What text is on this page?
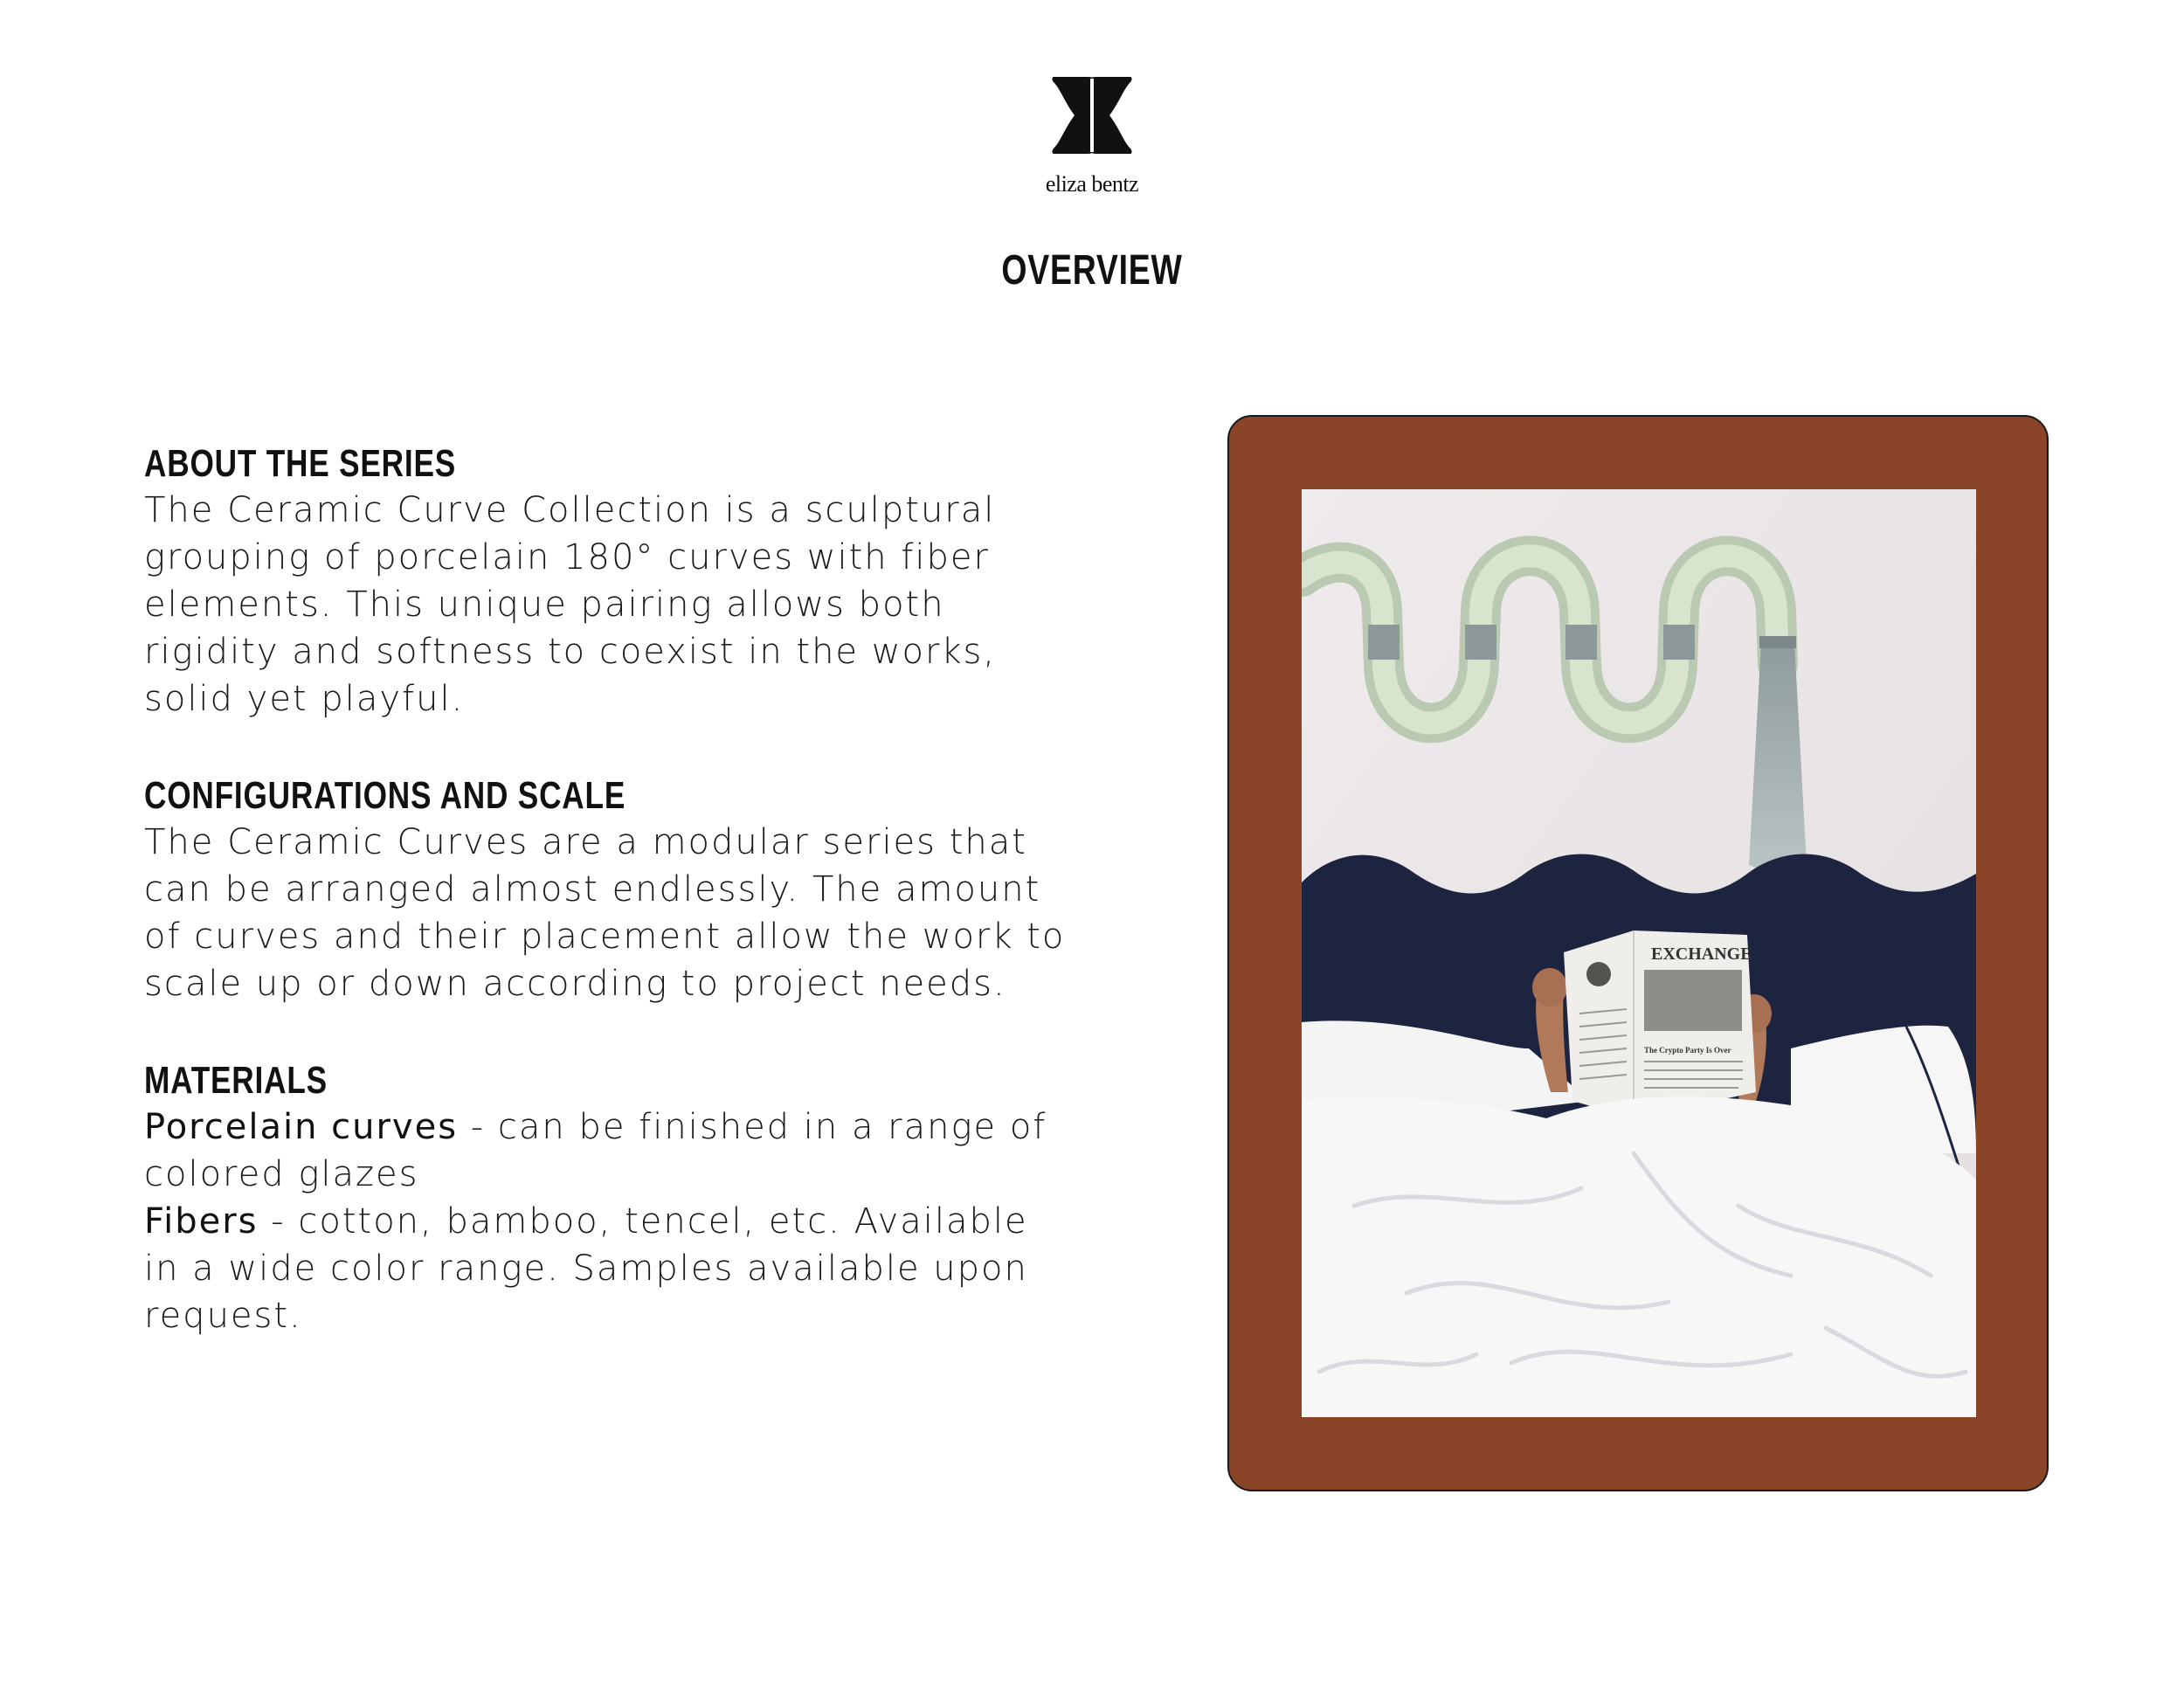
eliza bentz
OVERVIEW
ABOUT THE SERIES

The Ceramic Curve Collection is a sculptural grouping of porcelain 180° curves with fiber elements. This unique pairing allows both rigidity and softness to coexist in the works, solid yet playful.

CONFIGURATIONS AND SCALE

The Ceramic Curves are a modular series that can be arranged almost endlessly. The amount of curves and their placement allow the work to scale up or down according to project needs.

MATERIALS

Porcelain curves - can be finished in a range of colored glazes

Fibers - cotton, bamboo, tencel, etc. Available in a wide color range. Samples available upon request.

EXCHANGE
The Crypto Party Is Over
